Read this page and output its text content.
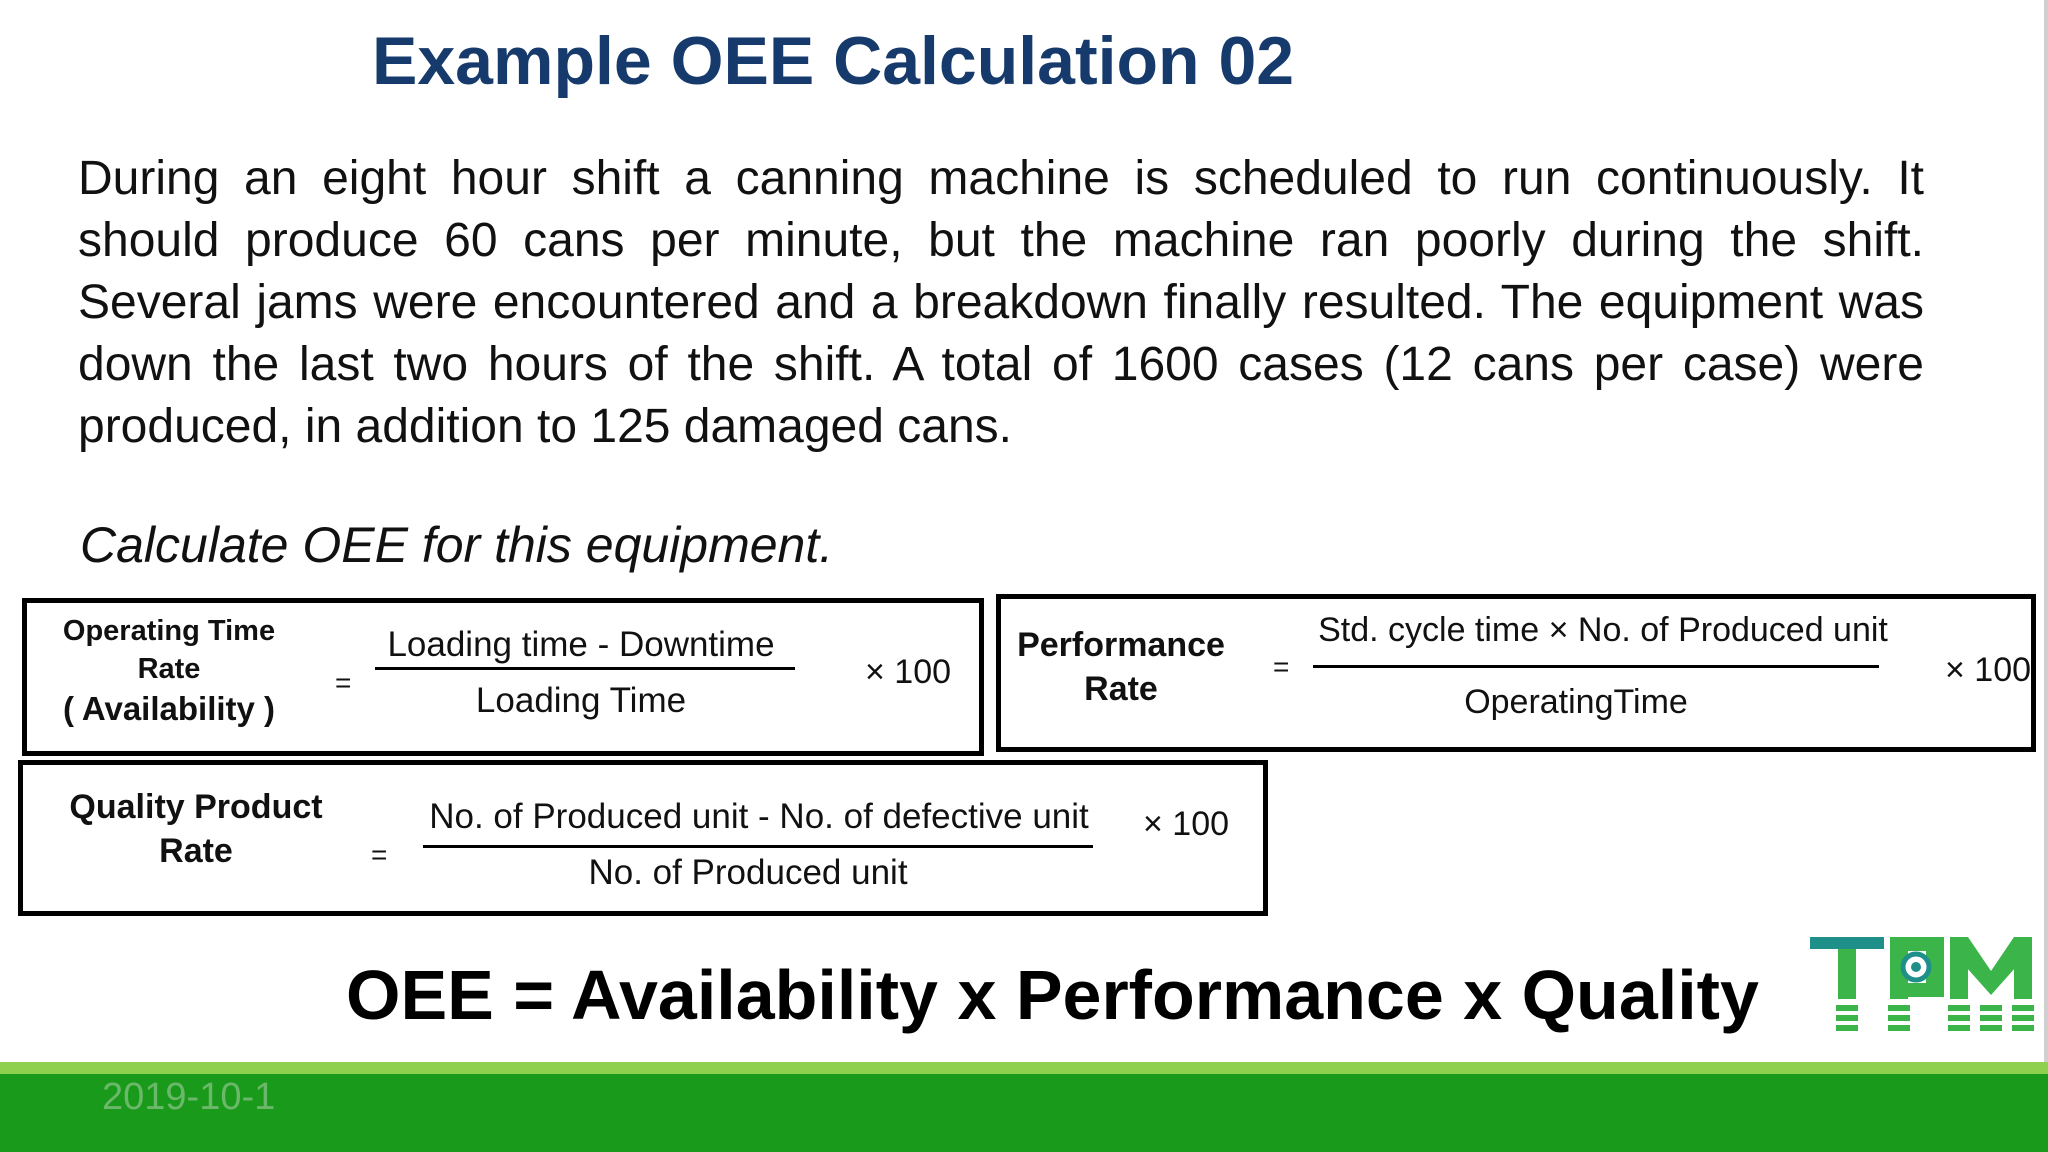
Example OEE Calculation 02
During an eight hour shift a canning machine is scheduled to run continuously. It should produce 60 cans per minute, but the machine ran poorly during the shift. Several jams were encountered and a breakdown finally resulted. The equipment was down the last two hours of the shift. A total of 1600 cases (12 cans per case) were produced, in addition to 125 damaged cans.
Calculate OEE for this equipment.
Operating Time
Rate
( Availability )
=
Loading time - Downtime
Loading Time
× 100
Performance
Rate
=
Std. cycle time × No. of Produced unit
OperatingTime
× 100
Quality Product
Rate	=
No. of Produced unit - No. of defective unit
No. of Produced unit
× 100
OEE = Availability x Performance x Quality
2019-10-1
